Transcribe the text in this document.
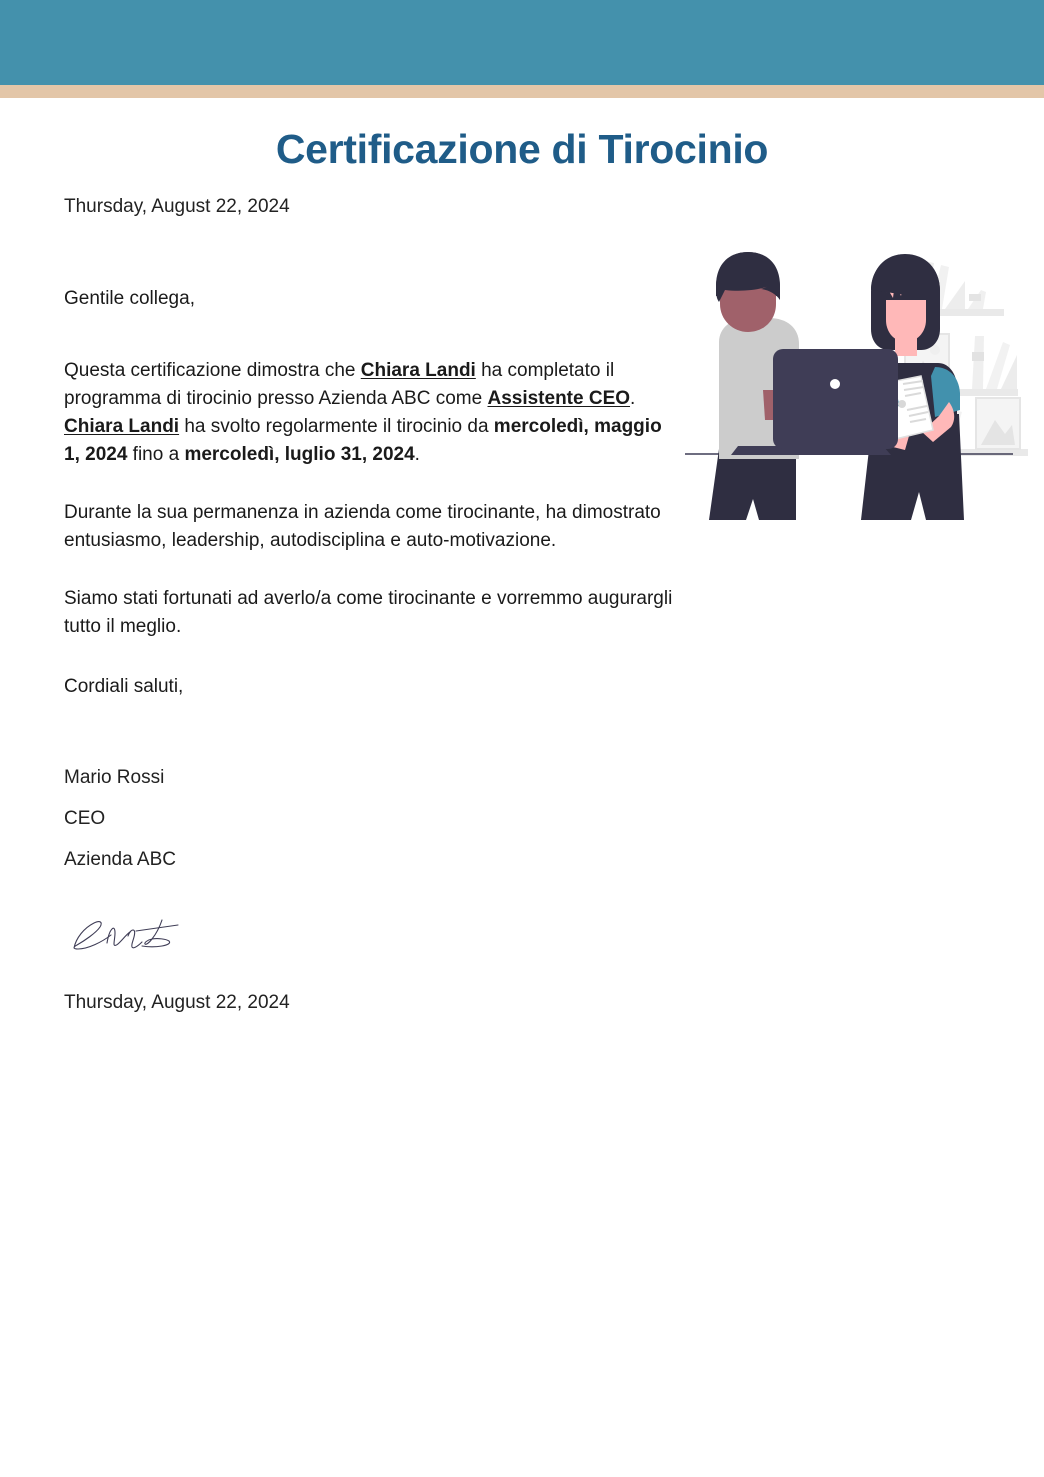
Certificazione di Tirocinio
Thursday, August 22, 2024
Gentile collega,
Questa certificazione dimostra che Chiara Landi ha completato il programma di tirocinio presso Azienda ABC come Assistente CEO. Chiara Landi ha svolto regolarmente il tirocinio da mercoledì, maggio 1, 2024 fino a mercoledì, luglio 31, 2024.
Durante la sua permanenza in azienda come tirocinante, ha dimostrato entusiasmo, leadership, autodisciplina e auto-motivazione.
Siamo stati fortunati ad averlo/a come tirocinante e vorremmo augurargli tutto il meglio.
Cordiali saluti,
Mario Rossi
CEO
Azienda ABC
Thursday, August 22, 2024
